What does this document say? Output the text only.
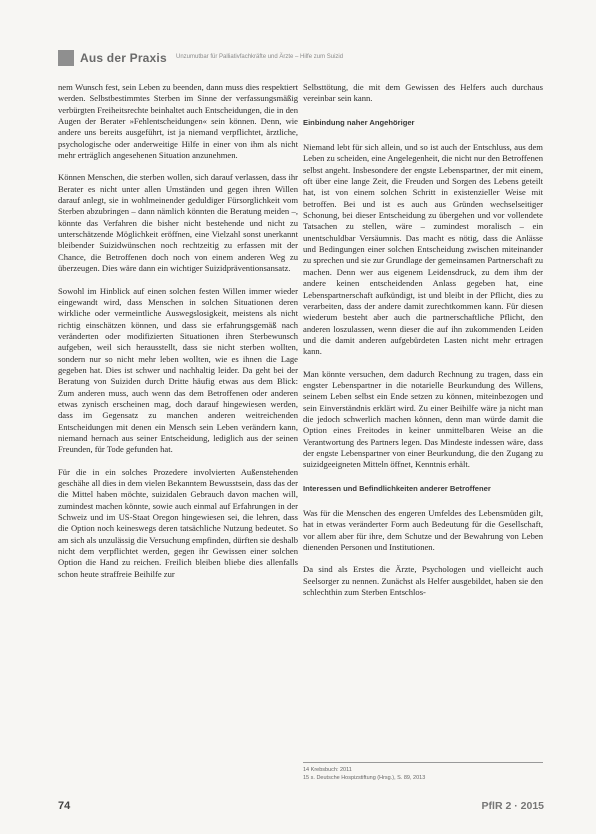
Aus der Praxis Unzumutbar für Palliativfachkräfte und Ärzte – Hilfe zum Suizid

nem Wunsch fest, sein Leben zu beenden, dann muss dies respektiert werden. Selbstbestimmtes Sterben im Sinne der verfassungsmäßig verbürgten Freiheitsrechte beinhaltet auch Entscheidungen, die in den Augen der Berater »Fehlentscheidungen« sein können. Denn, wie andere uns bereits ausgeführt, ist ja niemand verpflichtet, ärztliche, psychologische oder anderweitige Hilfe in einer von ihm als nicht mehr erträglich angesehenen Situation anzunehmen.

Können Menschen, die sterben wollen, sich darauf verlassen, dass ihr Berater es nicht unter allen Umständen und gegen ihren Willen darauf anlegt, sie in wohlmeinender geduldiger Fürsorglichkeit vom Sterben abzubringen – dann nämlich könnten die Beratung meiden –, könnte das Verfahren die bisher nicht bestehende und nicht zu unterschätzende Möglichkeit eröffnen, eine Vielzahl sonst unerkannt bleibender Suizidwünschen noch rechtzeitig zu erfassen mit der Chance, die Betroffenen doch noch von einem anderen Weg zu überzeugen. Dies wäre dann ein wichtiger Suizidpräventionsansatz.

Sowohl im Hinblick auf einen solchen festen Willen immer wieder eingewandt wird, dass Menschen in solchen Situationen deren wirkliche oder vermeintliche Auswegslosigkeit, meistens als nicht richtig einschätzen können, und dass sie erfahrungsgemäß nach veränderten oder modifizierten Situationen ihren Sterbewunsch aufgeben, weil sich herausstellt, dass sie nicht sterben wollten, sondern nur so nicht mehr leben wollten, wie es ihnen die Lage gegeben hat. Dies ist schwer und nachhaltig leider. Da geht bei der Beratung von Suiziden durch Dritte häufig etwas aus dem Blick: Zum anderen muss, auch wenn das dem Betroffenen oder anderen etwas zynisch erscheinen mag, doch darauf hingewiesen werden, dass im Gegensatz zu manchen anderen weitreichenden Entscheidungen mit denen ein Mensch sein Leben verändern kann, niemand hernach aus seiner Entscheidung, lediglich aus der seinen Freunden, für Tode gefunden hat.

Für die in ein solches Prozedere involvierten Außenstehenden geschähe all dies in dem vielen Bekanntem Bewusstsein, dass das der die Mittel haben möchte, suizidalen Gebrauch davon machen will, zumindest machen könnte, sowie auch einmal auf Erfahrungen in der Schweiz und im US-Staat Oregon hingewiesen sei, die lehren, dass die Option noch keineswegs deren tatsächliche Nutzung bedeutet. So am sich als unzulässig die Versuchung empfinden, dürften sie deshalb nicht dem verpflichtet werden, gegen ihr Gewissen einer solchen Option die Hand zu reichen. Freilich bleiben bliebe dies allenfalls schon heute straffreie Beihilfe zur

Selbsttötung, die mit dem Gewissen des Helfers auch durchaus vereinbar sein kann.

Einbindung naher Angehöriger

Niemand lebt für sich allein, und so ist auch der Entschluss, aus dem Leben zu scheiden, eine Angelegenheit, die nicht nur den Betroffenen selbst angeht. Insbesondere der engste Lebenspartner, der mit einem, oft über eine lange Zeit, die Freuden und Sorgen des Lebens geteilt hat, ist von einem solchen Schritt in existenzieller Weise mit betroffen. Bei und ist es auch aus Gründen wechselseitiger Schonung, bei dieser Entscheidung zu übergehen und vor vollendete Tatsachen zu stellen, wäre – zumindest moralisch – ein unentschuldbar Versäumnis. Das macht es nötig, dass die Anlässe und Bedingungen einer solchen Entscheidung zwischen miteinander zu sprechen und sie zur Grundlage der gemeinsamen Partnerschaft zu machen. Denn wer aus eigenem Leidensdruck, zu dem ihm der andere keinen entscheidenden Anlass gegeben hat, eine Lebenspartnerschaft aufkündigt, ist und bleibt in der Pflicht, dies zu verarbeiten, dass der andere damit zurechtkommen kann. Für diesen wiederum besteht aber auch die partnerschaftliche Pflicht, den anderen loszulassen, wenn dieser die auf ihn zukommenden Leiden und die damit anderen aufgebürdeten Lasten nicht mehr ertragen kann.

Man könnte versuchen, dem dadurch Rechnung zu tragen, dass ein engster Lebenspartner in die notarielle Beurkundung des Willens, seinem Leben selbst ein Ende setzen zu können, miteinbezogen und sein Einverständnis erklärt wird. Zu einer Beihilfe wäre ja nicht man die jedoch schwerlich machen können, denn man würde damit die Option eines Freitodes in keiner unmittelbaren Weise an die Verantwortung des Partners legen. Das Mindeste indessen wäre, dass der engste Lebenspartner von einer Beurkundung, die den Zugang zu suizidgeeigneten Mitteln öffnet, Kenntnis erhält.

Interessen und Befindlichkeiten anderer Betroffener

Was für die Menschen des engeren Umfeldes des Lebensmüden gilt, hat in etwas veränderter Form auch Bedeutung für die Gesellschaft, vor allem aber für ihre, dem Schutze und der Bewahrung von Leben dienenden Personen und Institutionen.

Da sind als Erstes die Ärzte, Psychologen und vielleicht auch Seelsorger zu nennen. Zunächst als Helfer ausgebildet, haben sie den schlechthin zum Sterben Entschlos-

14 Krebsbuch: 2011
15 s. Deutsche Hospizstiftung (Hrsg.), S. 89, 2013
74	PflR 2 · 2015
